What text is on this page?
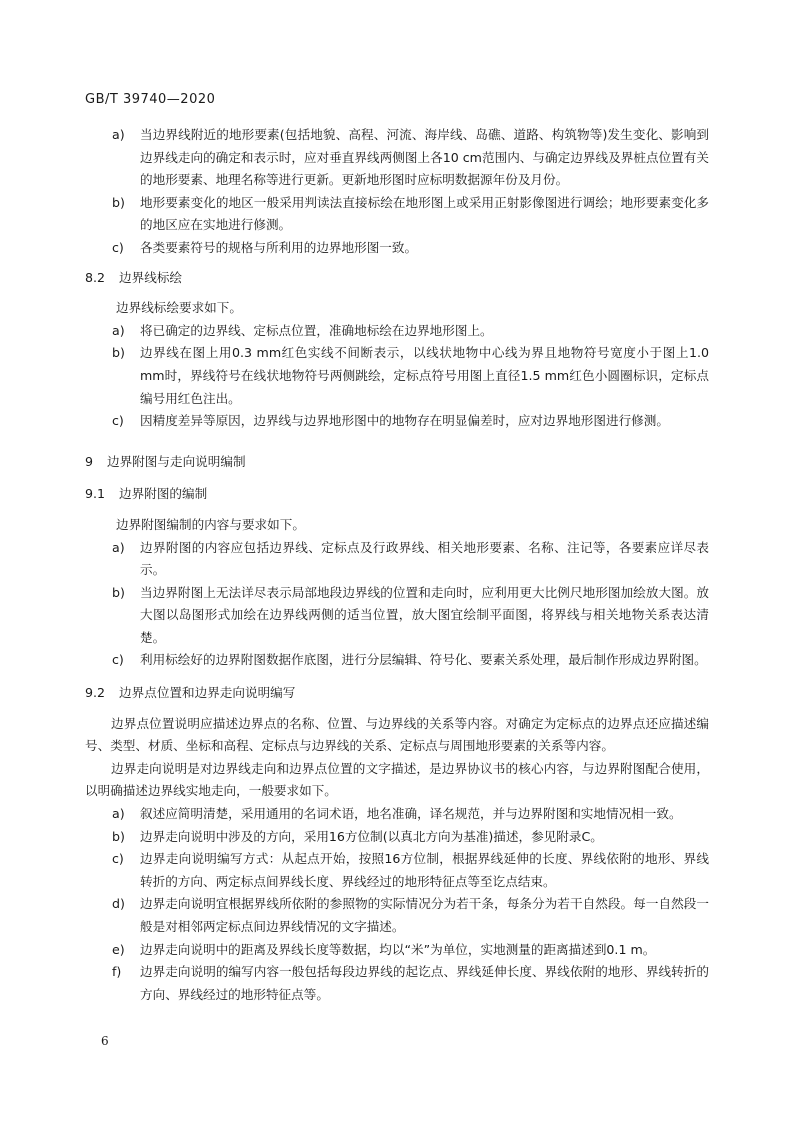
GB/T 39740—2020
a) 当边界线附近的地形要素(包括地貌、高程、河流、海岸线、岛礁、道路、构筑物等)发生变化、影响到边界线走向的确定和表示时，应对垂直界线两侧图上各10 cm范围内、与确定边界线及界桩点位置有关的地形要素、地理名称等进行更新。更新地形图时应标明数据源年份及月份。
b) 地形要素变化的地区一般采用判读法直接标绘在地形图上或采用正射影像图进行调绘；地形要素变化多的地区应在实地进行修测。
c) 各类要素符号的规格与所利用的边界地形图一致。
8.2 边界线标绘
边界线标绘要求如下。
a) 将已确定的边界线、定标点位置，准确地标绘在边界地形图上。
b) 边界线在图上用0.3 mm红色实线不间断表示，以线状地物中心线为界且地物符号宽度小于图上1.0 mm时，界线符号在线状地物符号两侧跳绘，定标点符号用图上直径1.5 mm红色小圆圈标识，定标点编号用红色注出。
c) 因精度差异等原因，边界线与边界地形图中的地物存在明显偏差时，应对边界地形图进行修测。
9 边界附图与走向说明编制
9.1 边界附图的编制
边界附图编制的内容与要求如下。
a) 边界附图的内容应包括边界线、定标点及行政界线、相关地形要素、名称、注记等，各要素应详尽表示。
b) 当边界附图上无法详尽表示局部地段边界线的位置和走向时，应利用更大比例尺地形图加绘放大图。放大图以岛图形式加绘在边界线两侧的适当位置，放大图宜绘制平面图，将界线与相关地物关系表达清楚。
c) 利用标绘好的边界附图数据作底图，进行分层编辑、符号化、要素关系处理，最后制作形成边界附图。
9.2 边界点位置和边界走向说明编写
边界点位置说明应描述边界点的名称、位置、与边界线的关系等内容。对确定为定标点的边界点还应描述编号、类型、材质、坐标和高程、定标点与边界线的关系、定标点与周围地形要素的关系等内容。
边界走向说明是对边界线走向和边界点位置的文字描述，是边界协议书的核心内容，与边界附图配合使用，以明确描述边界线实地走向，一般要求如下。
a) 叙述应简明清楚，采用通用的名词术语，地名准确，译名规范，并与边界附图和实地情况相一致。
b) 边界走向说明中涉及的方向，采用16方位制(以真北方向为基准)描述，参见附录C。
c) 边界走向说明编写方式：从起点开始，按照16方位制，根据界线延伸的长度、界线依附的地形、界线转折的方向、两定标点间界线长度、界线经过的地形特征点等至讫点结束。
d) 边界走向说明宜根据界线所依附的参照物的实际情况分为若干条，每条分为若干自然段。每一自然段一般是对相邻两定标点间边界线情况的文字描述。
e) 边界走向说明中的距离及界线长度等数据，均以“米”为单位，实地测量的距离描述到0.1 m。
f) 边界走向说明的编写内容一般包括每段边界线的起讫点、界线延伸长度、界线依附的地形、界线转折的方向、界线经过的地形特征点等。
6
